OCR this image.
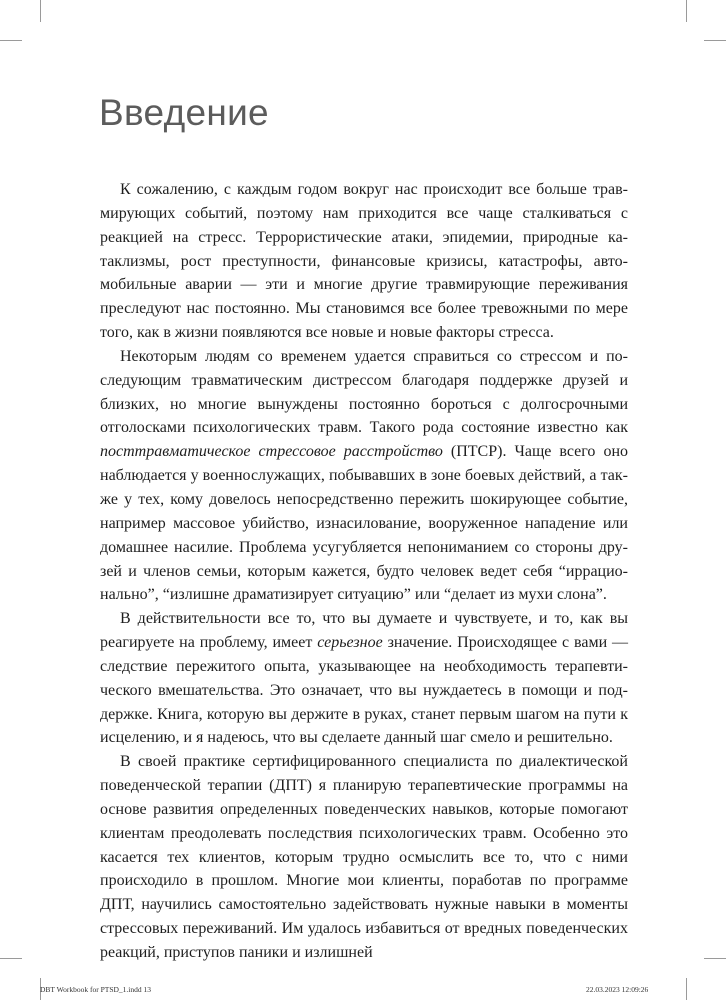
Введение

К сожалению, с каждым годом вокруг нас происходит все больше травмирующих событий, поэтому нам приходится все чаще сталкиваться с реакцией на стресс. Террористические атаки, эпидемии, природные катаклизмы, рост преступности, финансовые кризисы, катастрофы, автомобильные аварии — эти и многие другие травмирующие переживания преследуют нас постоянно. Мы становимся все более тревожными по мере того, как в жизни появляются все новые и новые факторы стресса.

Некоторым людям со временем удается справиться со стрессом и последующим травматическим дистрессом благодаря поддержке друзей и близких, но многие вынуждены постоянно бороться с долгосрочными отголосками психологических травм. Такого рода состояние известно как посттравматическое стрессовое расстройство (ПТСР). Чаще всего оно наблюдается у военнослужащих, побывавших в зоне боевых действий, а также у тех, кому довелось непосредственно пережить шокирующее событие, например массовое убийство, изнасилование, вооруженное нападение или домашнее насилие. Проблема усугубляется непониманием со стороны друзей и членов семьи, которым кажется, будто человек ведет себя “иррационально”, “излишне драматизирует ситуацию” или “делает из мухи слона”.

В действительности все то, что вы думаете и чувствуете, и то, как вы реагируете на проблему, имеет серьезное значение. Происходящее с вами — следствие пережитого опыта, указывающее на необходимость терапевтического вмешательства. Это означает, что вы нуждаетесь в помощи и поддержке. Книга, которую вы держите в руках, станет первым шагом на пути к исцелению, и я надеюсь, что вы сделаете данный шаг смело и решительно.

В своей практике сертифицированного специалиста по диалектической поведенческой терапии (ДПТ) я планирую терапевтические программы на основе развития определенных поведенческих навыков, которые помогают клиентам преодолевать последствия психологических травм. Особенно это касается тех клиентов, которым трудно осмыслить все то, что с ними происходило в прошлом. Многие мои клиенты, поработав по программе ДПТ, научились самостоятельно задействовать нужные навыки в моменты стрессовых переживаний. Им удалось избавиться от вредных поведенческих реакций, приступов паники и излишней

DBT Workbook for PTSD_1.indd 13	22.03.2023 12:09:26
